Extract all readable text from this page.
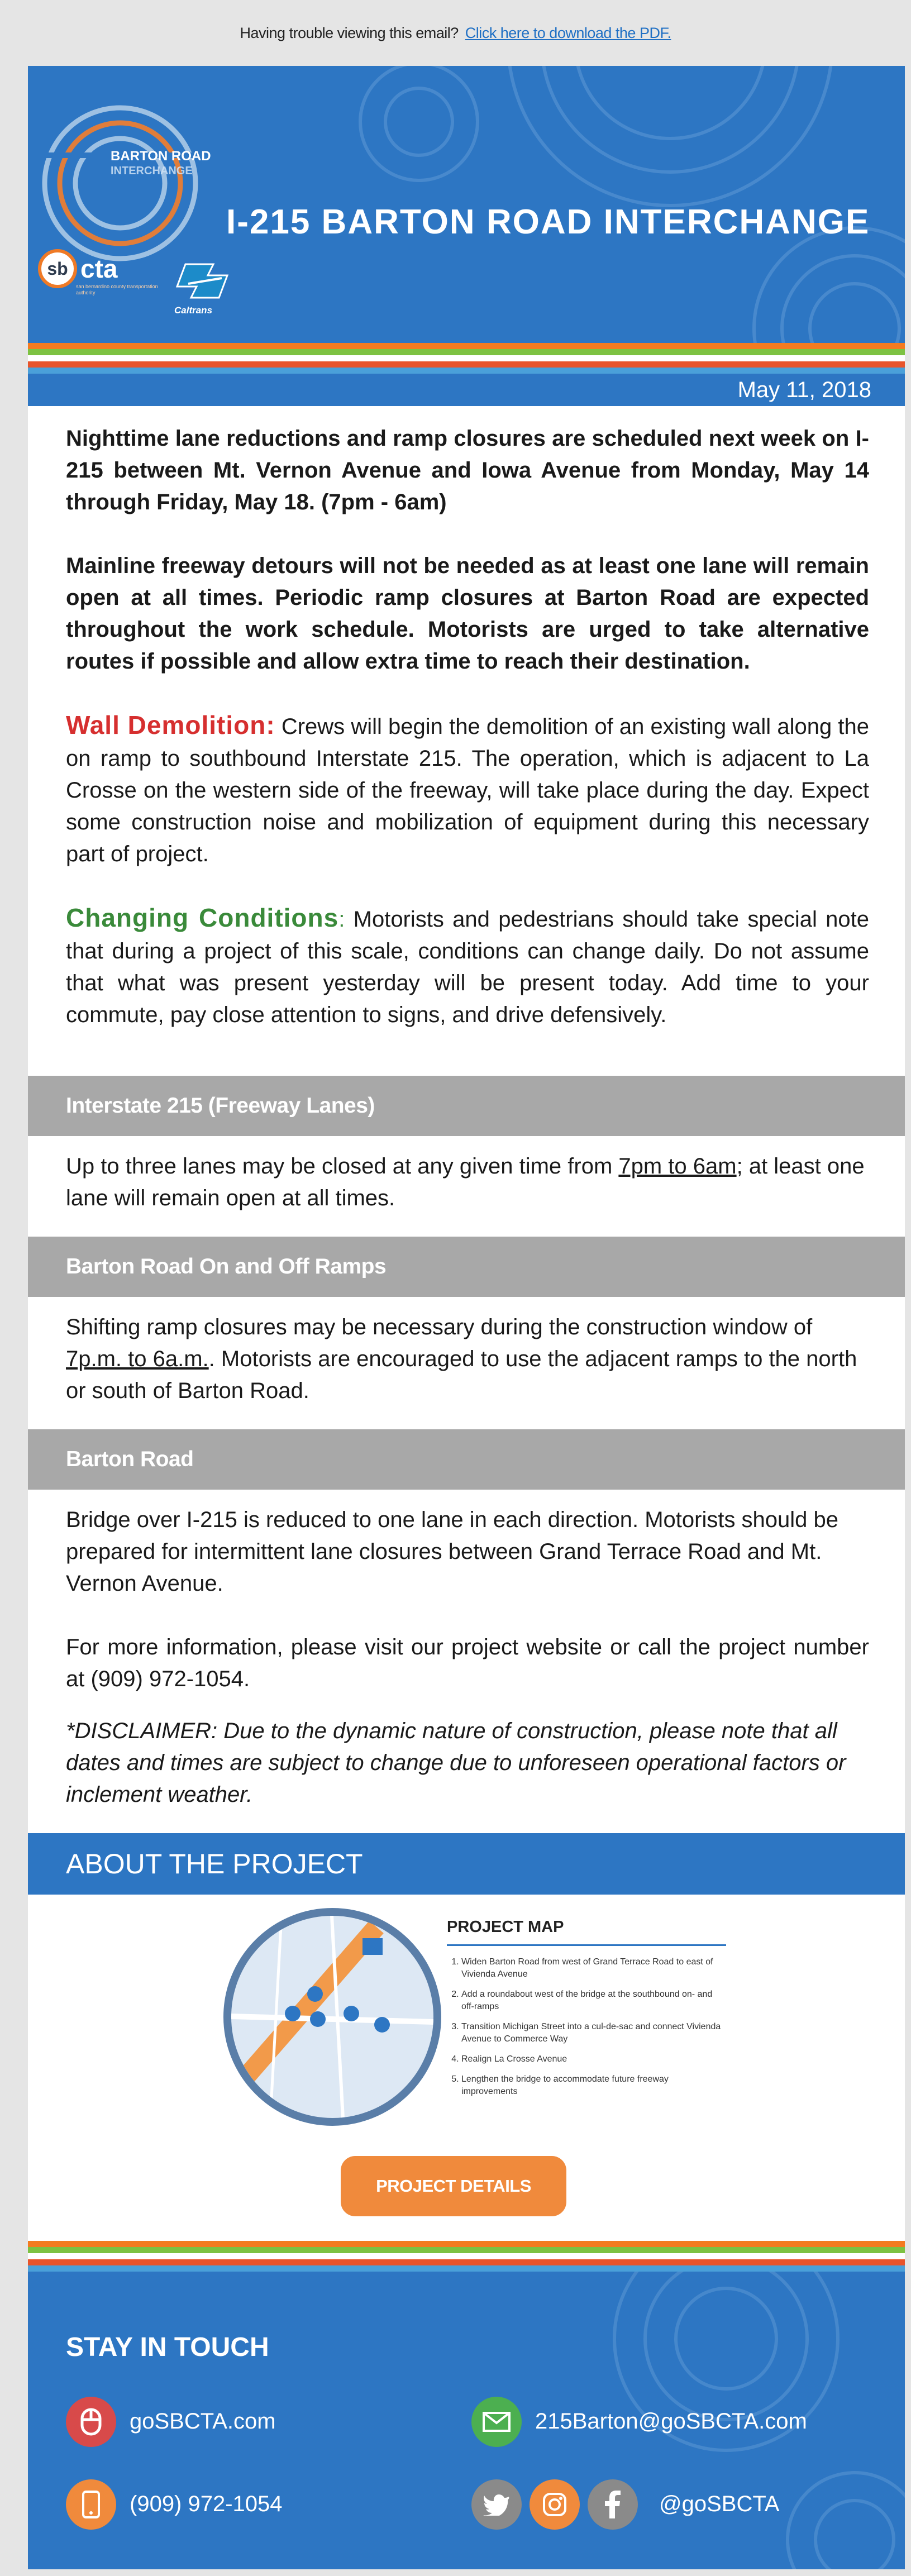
Having trouble viewing this email? Click here to download the PDF.
BARTON ROAD
INTERCHANGE
I-215 BARTON ROAD INTERCHANGE
sb cta
san bernardino county transportation authority
Caltrans
May 11, 2018

Nighttime lane reductions and ramp closures are scheduled next week on I-215 between Mt. Vernon Avenue and Iowa Avenue from Monday, May 14 through Friday, May 18. (7pm - 6am)

Mainline freeway detours will not be needed as at least one lane will remain open at all times. Periodic ramp closures at Barton Road are expected throughout the work schedule. Motorists are urged to take alternative routes if possible and allow extra time to reach their destination.

Wall Demolition: Crews will begin the demolition of an existing wall along the on ramp to southbound Interstate 215. The operation, which is adjacent to La Crosse on the western side of the freeway, will take place during the day. Expect some construction noise and mobilization of equipment during this necessary part of project.

Changing Conditions: Motorists and pedestrians should take special note that during a project of this scale, conditions can change daily. Do not assume that what was present yesterday will be present today. Add time to your commute, pay close attention to signs, and drive defensively.

Interstate 215 (Freeway Lanes)

Up to three lanes may be closed at any given time from 7pm to 6am; at least one lane will remain open at all times.

Barton Road On and Off Ramps

Shifting ramp closures may be necessary during the construction window of 7p.m. to 6a.m.. Motorists are encouraged to use the adjacent ramps to the north or south of Barton Road.

Barton Road

Bridge over I-215 is reduced to one lane in each direction. Motorists should be prepared for intermittent lane closures between Grand Terrace Road and Mt. Vernon Avenue.

For more information, please visit our project website or call the project number at (909) 972-1054.

*DISCLAIMER: Due to the dynamic nature of construction, please note that all dates and times are subject to change due to unforeseen operational factors or inclement weather.

ABOUT THE PROJECT
PROJECT MAP
1. Widen Barton Road from west of Grand Terrace Road to east of Vivienda Avenue
2. Add a roundabout west of the bridge at the southbound on- and off-ramps
3. Transition Michigan Street into a cul-de-sac and connect Vivienda Avenue to Commerce Way
4. Realign La Crosse Avenue
5. Lengthen the bridge to accommodate future freeway improvements
PROJECT DETAILS
STAY IN TOUCH
goSBCTA.com	215Barton@goSBCTA.com
(909) 972-1054	@goSBCTA
